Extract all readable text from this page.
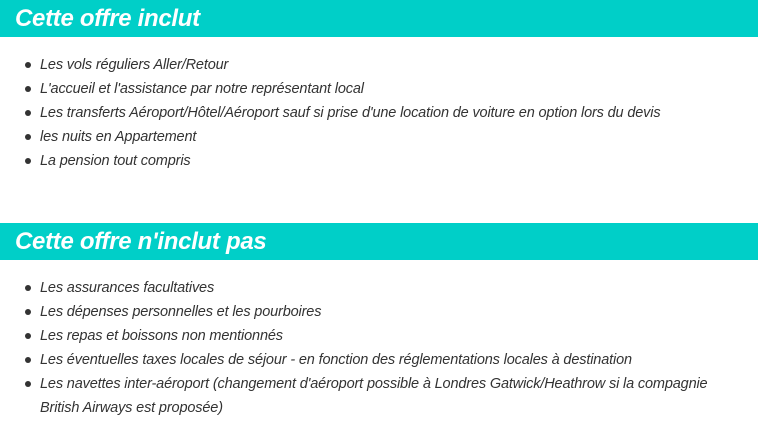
Cette offre inclut
Les vols réguliers Aller/Retour
L'accueil et l'assistance par notre représentant local
Les transferts Aéroport/Hôtel/Aéroport sauf si prise d'une location de voiture en option lors du devis
les nuits en Appartement
La pension tout compris
Cette offre n'inclut pas
Les assurances facultatives
Les dépenses personnelles et les pourboires
Les repas et boissons non mentionnés
Les éventuelles taxes locales de séjour - en fonction des réglementations locales à destination
Les navettes inter-aéroport (changement d'aéroport possible à Londres Gatwick/Heathrow si la compagnie British Airways est proposée)
